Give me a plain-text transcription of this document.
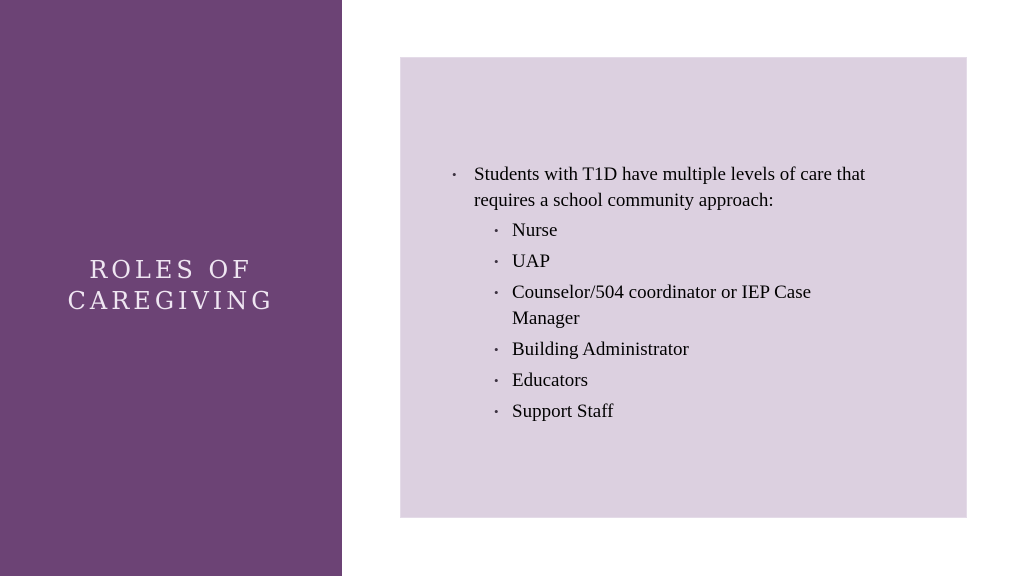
ROLES OF
CAREGIVING
• Students with T1D have multiple levels of care that requires a school community approach:
• Nurse
• UAP
• Counselor/504 coordinator or IEP Case Manager
• Building Administrator
• Educators
• Support Staff
